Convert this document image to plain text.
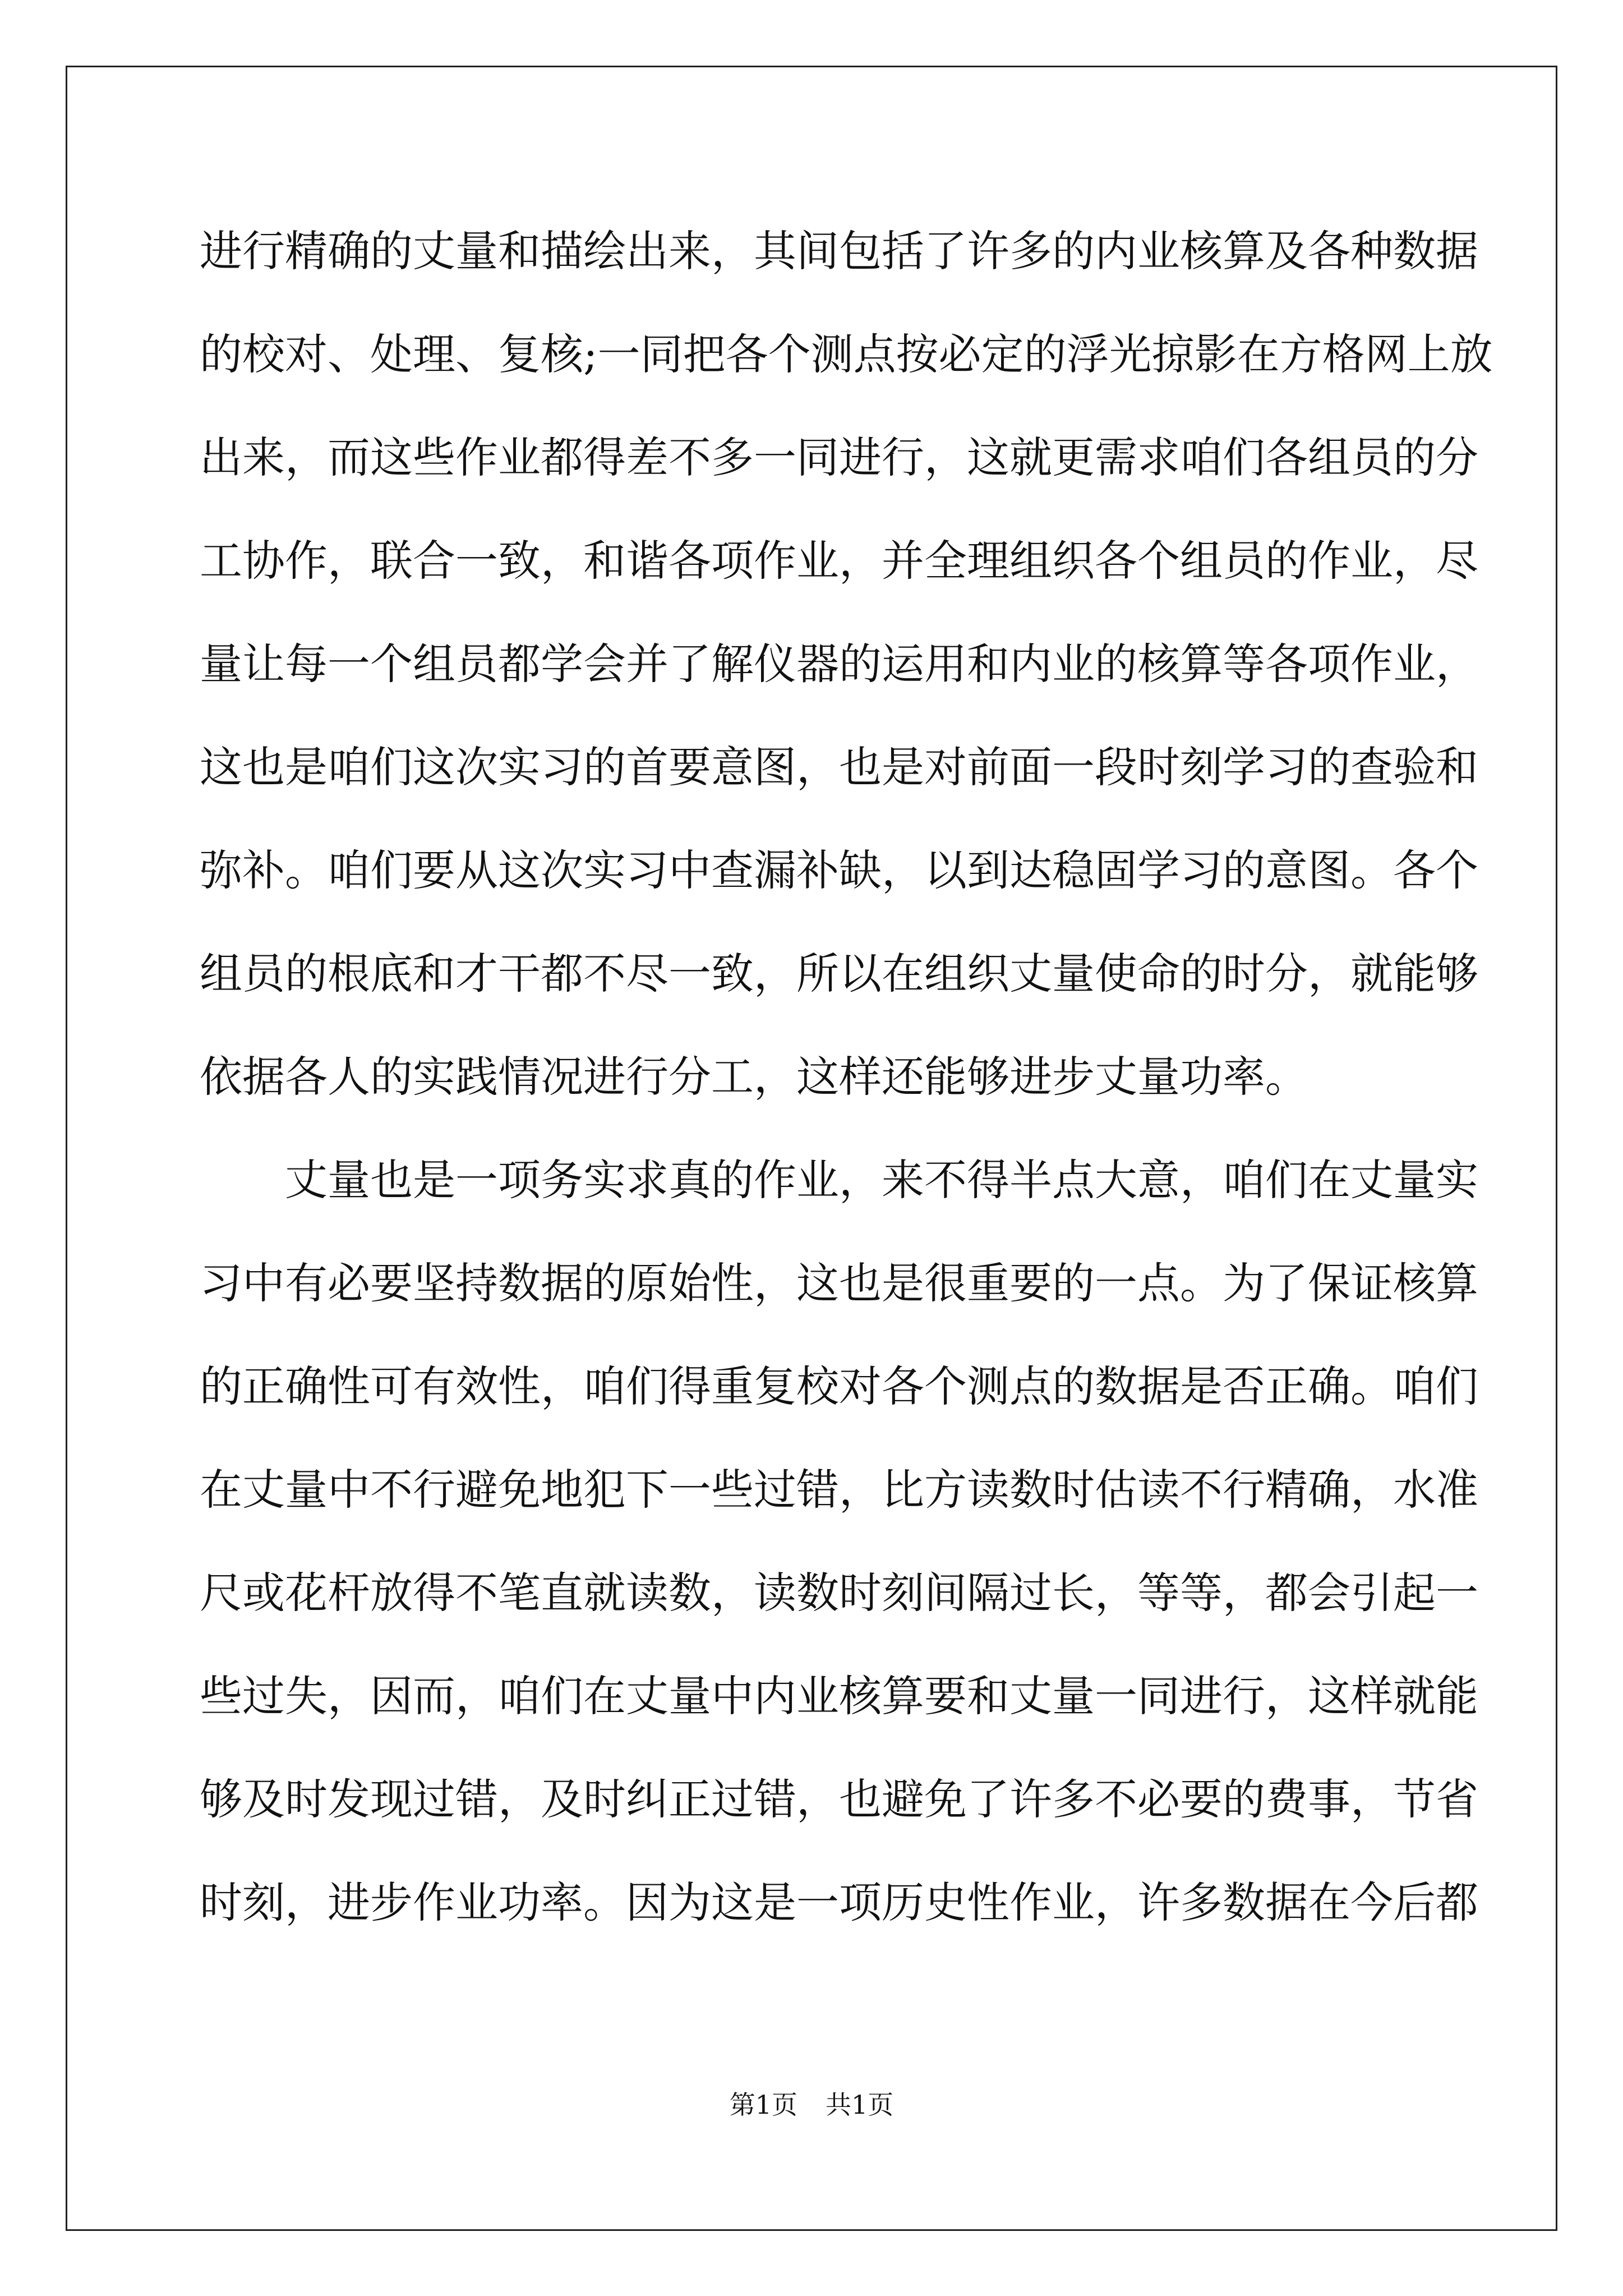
进行精确的丈量和描绘出来，其间包括了许多的内业核算及各种数据
的校对、处理、复核;一同把各个测点按必定的浮光掠影在方格网上放
出来，而这些作业都得差不多一同进行，这就更需求咱们各组员的分
工协作，联合一致，和谐各项作业，并全理组织各个组员的作业，尽
量让每一个组员都学会并了解仪器的运用和内业的核算等各项作业，
这也是咱们这次实习的首要意图，也是对前面一段时刻学习的查验和
弥补。咱们要从这次实习中查漏补缺，以到达稳固学习的意图。各个
组员的根底和才干都不尽一致，所以在组织丈量使命的时分，就能够
依据各人的实践情况进行分工，这样还能够进步丈量功率。
丈量也是一项务实求真的作业，来不得半点大意，咱们在丈量实
习中有必要坚持数据的原始性，这也是很重要的一点。为了保证核算
的正确性可有效性，咱们得重复校对各个测点的数据是否正确。咱们
在丈量中不行避免地犯下一些过错，比方读数时估读不行精确，水准
尺或花杆放得不笔直就读数，读数时刻间隔过长，等等，都会引起一
些过失，因而，咱们在丈量中内业核算要和丈量一同进行，这样就能
够及时发现过错，及时纠正过错，也避免了许多不必要的费事，节省
时刻，进步作业功率。因为这是一项历史性作业，许多数据在今后都
第1页 共1页
